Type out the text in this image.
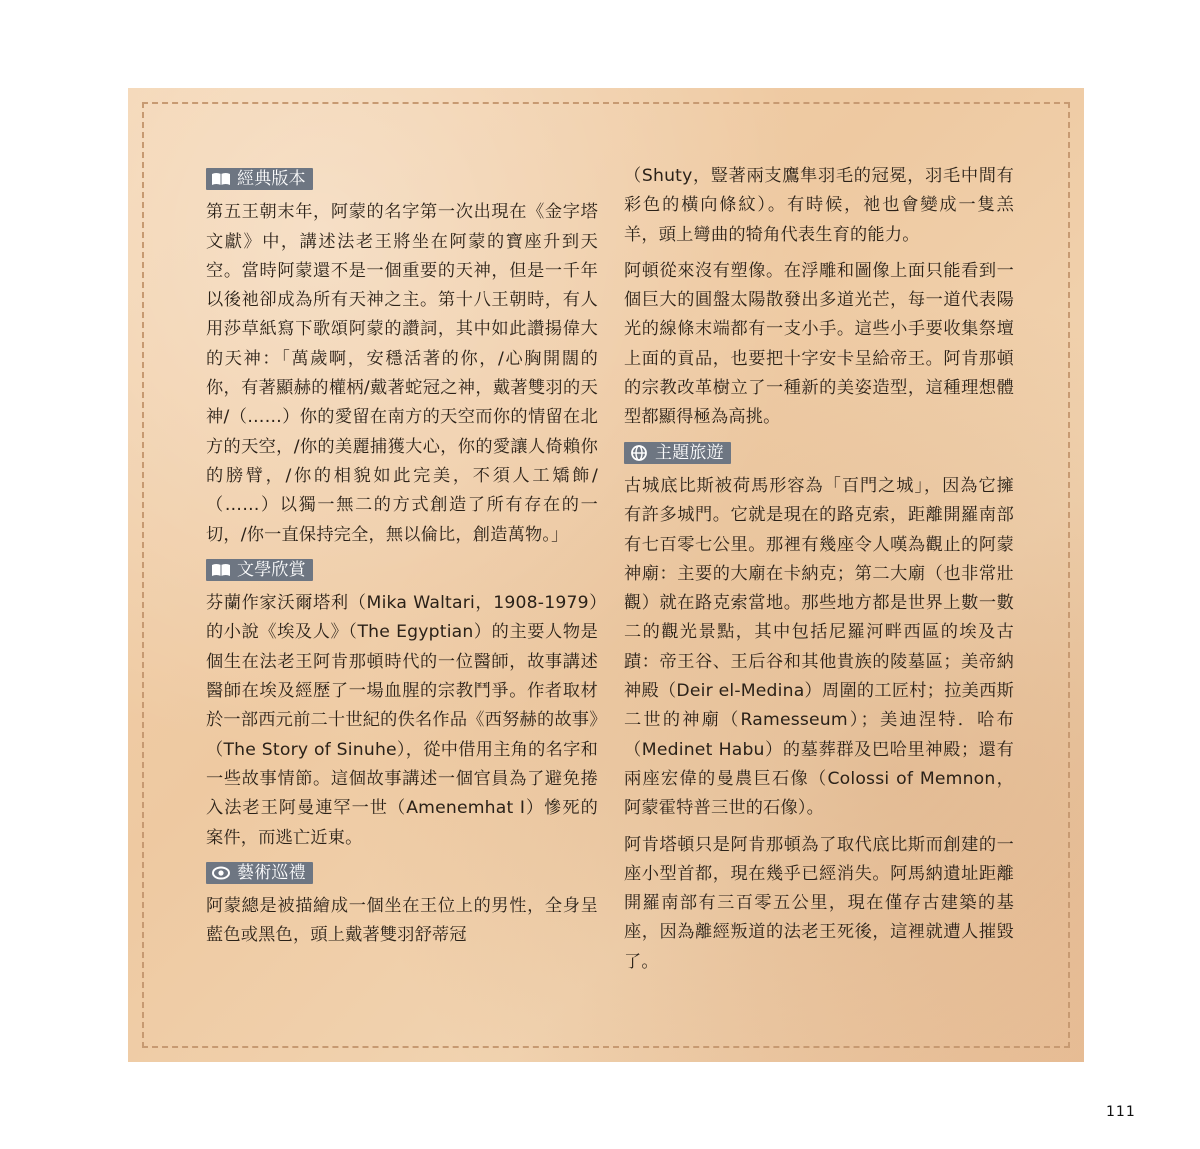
經典版本

第五王朝末年，阿蒙的名字第一次出現在《金字塔文獻》中，講述法老王將坐在阿蒙的寶座升到天空。當時阿蒙還不是一個重要的天神，但是一千年以後祂卻成為所有天神之主。第十八王朝時，有人用莎草紙寫下歌頌阿蒙的讚詞，其中如此讚揚偉大的天神：「萬歲啊，安穩活著的你，/心胸開闊的你，有著顯赫的權柄/戴著蛇冠之神，戴著雙羽的天神/（……）你的愛留在南方的天空而你的情留在北方的天空，/你的美麗捕獲大心，你的愛讓人倚賴你的膀臂，/你的相貌如此完美，不須人工矯飾/（……）以獨一無二的方式創造了所有存在的一切，/你一直保持完全，無以倫比，創造萬物。」

文學欣賞

芬蘭作家沃爾塔利（Mika Waltari，1908-1979）的小說《埃及人》（The Egyptian）的主要人物是個生在法老王阿肯那頓時代的一位醫師，故事講述醫師在埃及經歷了一場血腥的宗教鬥爭。作者取材於一部西元前二十世紀的佚名作品《西努赫的故事》（The Story of Sinuhe），從中借用主角的名字和一些故事情節。這個故事講述一個官員為了避免捲入法老王阿曼連罕一世（Amenemhat I）慘死的案件，而逃亡近東。

藝術巡禮

阿蒙總是被描繪成一個坐在王位上的男性，全身呈藍色或黑色，頭上戴著雙羽舒蒂冠

（Shuty，豎著兩支鷹隼羽毛的冠冕，羽毛中間有彩色的橫向條紋）。有時候，祂也會變成一隻羔羊，頭上彎曲的犄角代表生育的能力。

阿頓從來沒有塑像。在浮雕和圖像上面只能看到一個巨大的圓盤太陽散發出多道光芒，每一道代表陽光的線條末端都有一支小手。這些小手要收集祭壇上面的貢品，也要把十字安卡呈給帝王。阿肯那頓的宗教改革樹立了一種新的美姿造型，這種理想體型都顯得極為高挑。

主題旅遊

古城底比斯被荷馬形容為「百門之城」，因為它擁有許多城門。它就是現在的路克索，距離開羅南部有七百零七公里。那裡有幾座令人嘆為觀止的阿蒙神廟：主要的大廟在卡納克；第二大廟（也非常壯觀）就在路克索當地。那些地方都是世界上數一數二的觀光景點，其中包括尼羅河畔西區的埃及古蹟：帝王谷、王后谷和其他貴族的陵墓區；美帝納神殿（Deir el-Medina）周圍的工匠村；拉美西斯二世的神廟（Ramesseum）；美迪涅特．哈布（Medinet Habu）的墓葬群及巴哈里神殿；還有兩座宏偉的曼農巨石像（Colossi of Memnon，阿蒙霍特普三世的石像）。

阿肯塔頓只是阿肯那頓為了取代底比斯而創建的一座小型首都，現在幾乎已經消失。阿馬納遺址距離開羅南部有三百零五公里，現在僅存古建築的基座，因為離經叛道的法老王死後，這裡就遭人摧毀了。

111
